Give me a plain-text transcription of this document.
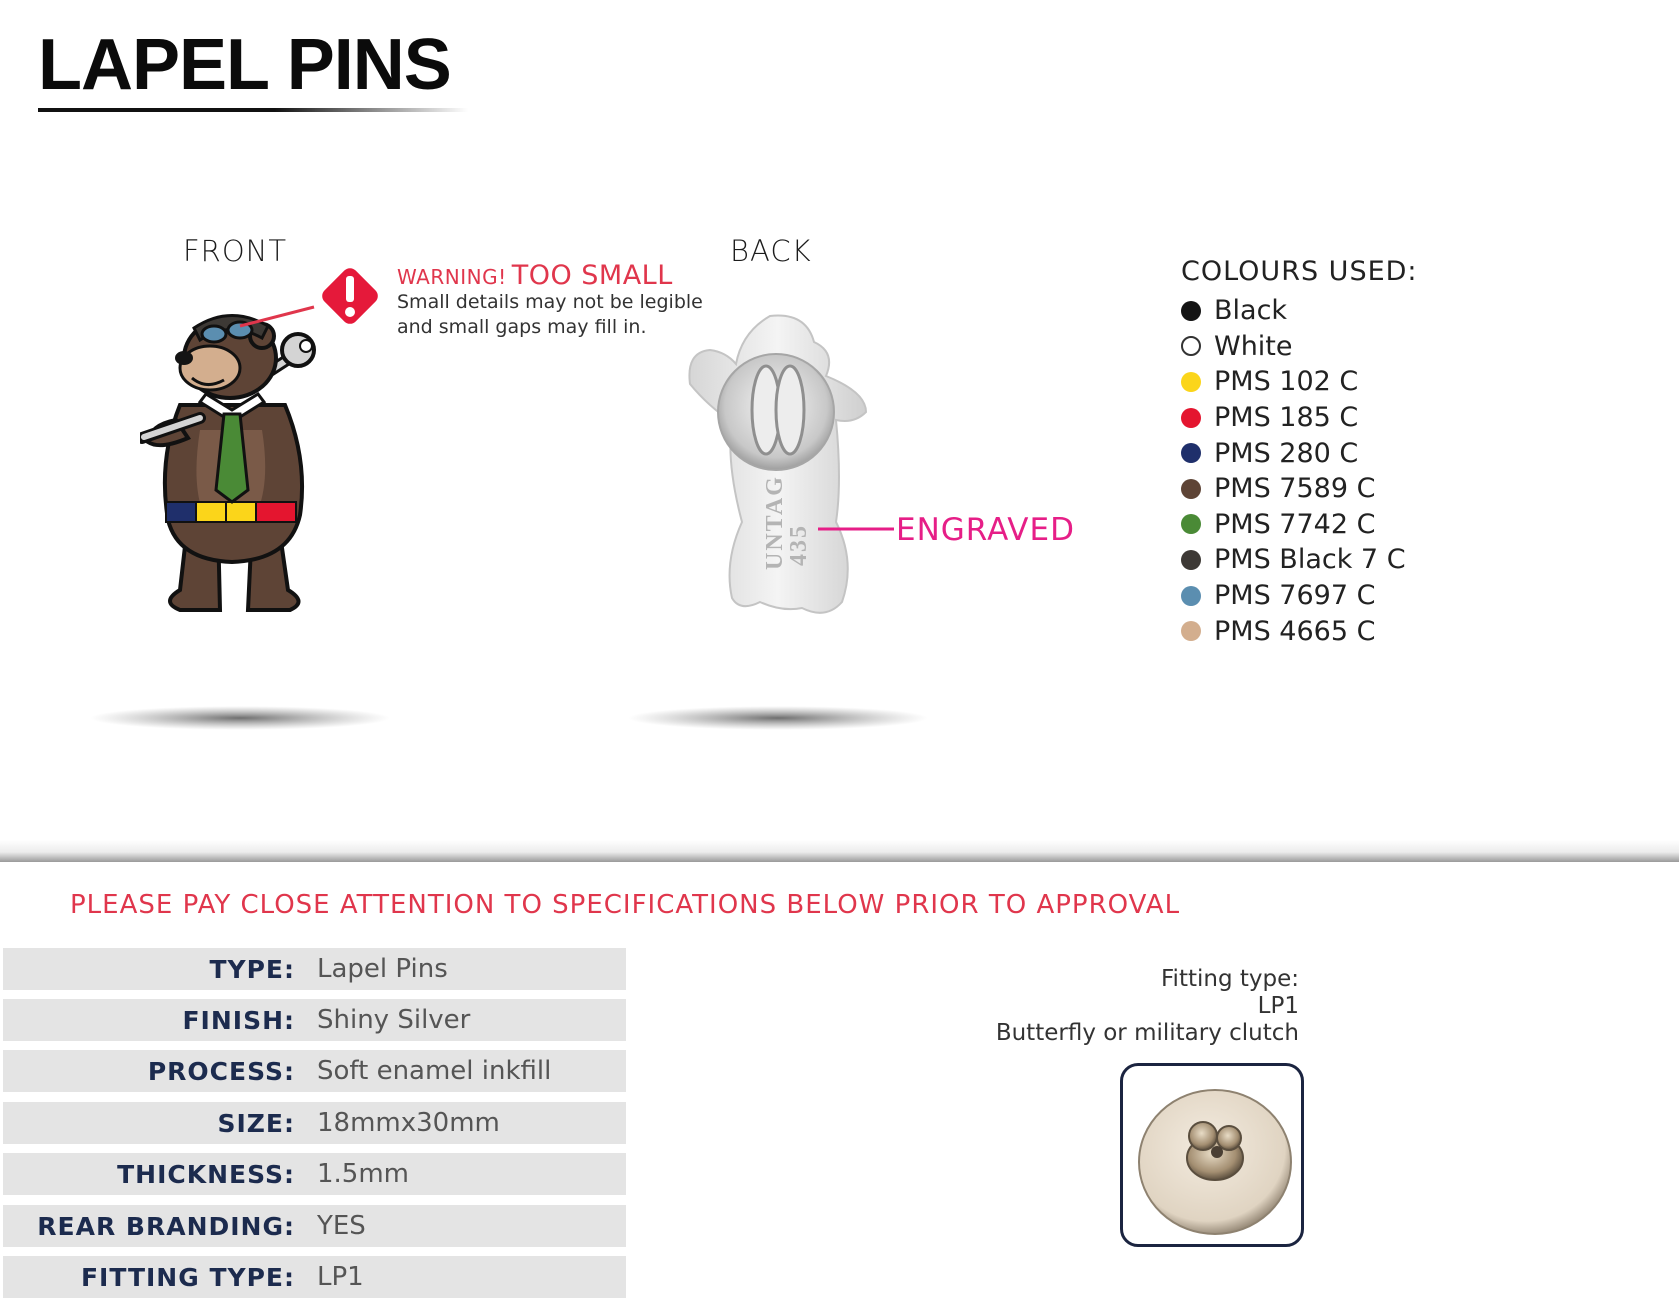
LAPEL PINS
FRONT	BACK
WARNING! TOO SMALL
Small details may not be legible
and small gaps may fill in.
UNTAG
435	ENGRAVED
COLOURS USED:
Black
White
PMS 102 C
PMS 185 C
PMS 280 C
PMS 7589 C
PMS 7742 C
PMS Black 7 C
PMS 7697 C
PMS 4665 C
PLEASE PAY CLOSE ATTENTION TO SPECIFICATIONS BELOW PRIOR TO APPROVAL
TYPE: Lapel Pins
FINISH: Shiny Silver
PROCESS: Soft enamel inkfill
SIZE: 18mmx30mm
THICKNESS: 1.5mm
REAR BRANDING: YES
FITTING TYPE: LP1
Fitting type:
LP1
Butterfly or military clutch
